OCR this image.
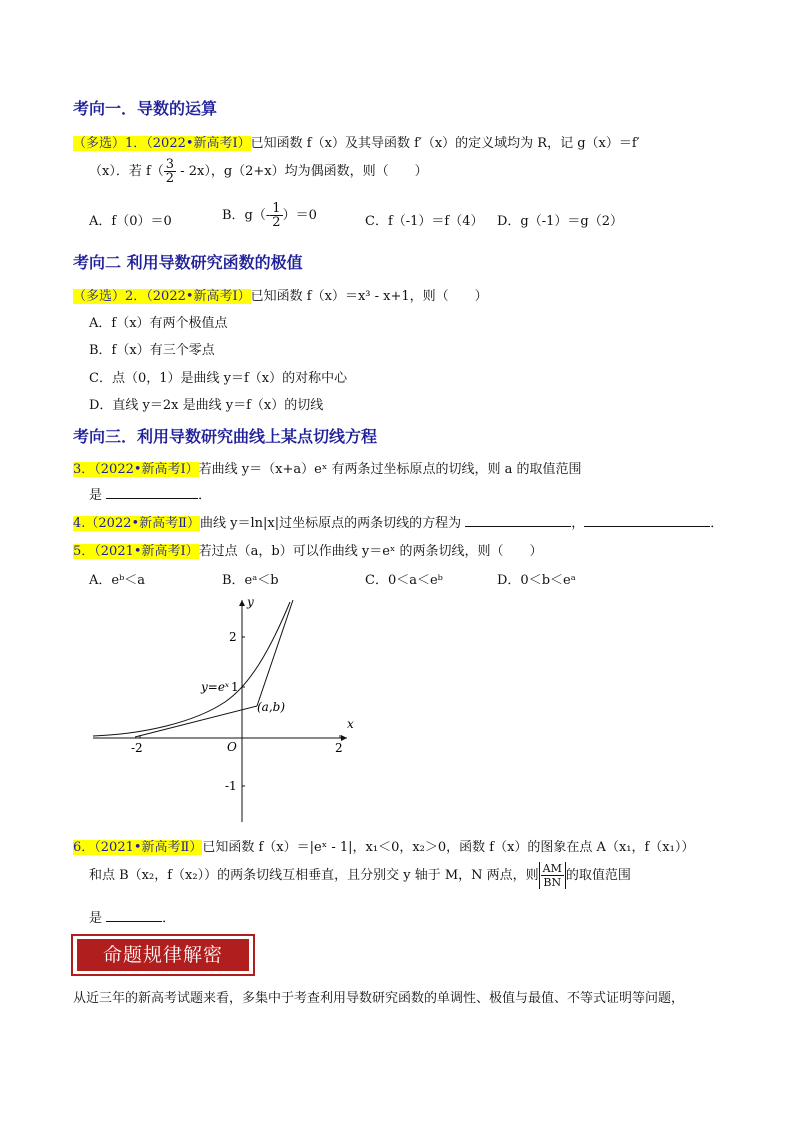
考向一．导数的运算
（多选）1．（2022•新高考Ⅰ）已知函数 f（x）及其导函数 f′（x）的定义域均为 R，记 g（x）＝f′
（x）．若 $f( \frac{3}{2} - 2x)$，g（2+x）均为偶函数，则（　　）
A．f（0）＝0	B．$g(- \frac{1}{2} )=0$	C．f（-1）＝f（4） D．g（-1）＝g（2）
考向二 利用导数研究函数的极值
（多选）2．（2022•新高考Ⅰ）已知函数 f（x）＝x³ - x+1，则（　　）
A．f（x）有两个极值点
B．f（x）有三个零点
C．点（0，1）是曲线 y＝f（x）的对称中心
D．直线 y＝2x 是曲线 y＝f（x）的切线
考向三．利用导数研究曲线上某点切线方程
3．（2022•新高考Ⅰ）若曲线 y＝（x+a）eˣ 有两条过坐标原点的切线，则 a 的取值范围
是	．
4.（2022•新高考Ⅱ）曲线 y＝ln|x|过坐标原点的两条切线的方程为	，	．
5．（2021•新高考Ⅰ）若过点（a，b）可以作曲线 y＝eˣ 的两条切线，则（　　）
A．eᵇ＜a	B．eᵃ＜b	C．0＜a＜eᵇ	D．0＜b＜eᵃ
x
y
O
-2	2
2
1
-1
y=eˣ
(a,b)
6．（2021•新高考Ⅱ）已知函数 f（x）＝|eˣ - 1|，x₁＜0，x₂＞0，函数 f（x）的图象在点 A（x₁，f（x₁））
和点 B（x₂，f（x₂））的两条切线互相垂直，且分别交 y 轴于 M，N 两点，则 $\frac{AM}{BN}$ 的取值范围
是	．
命题规律解密
从近三年的新高考试题来看，多集中于考查利用导数研究函数的单调性、极值与最值、不等式证明等问题，
